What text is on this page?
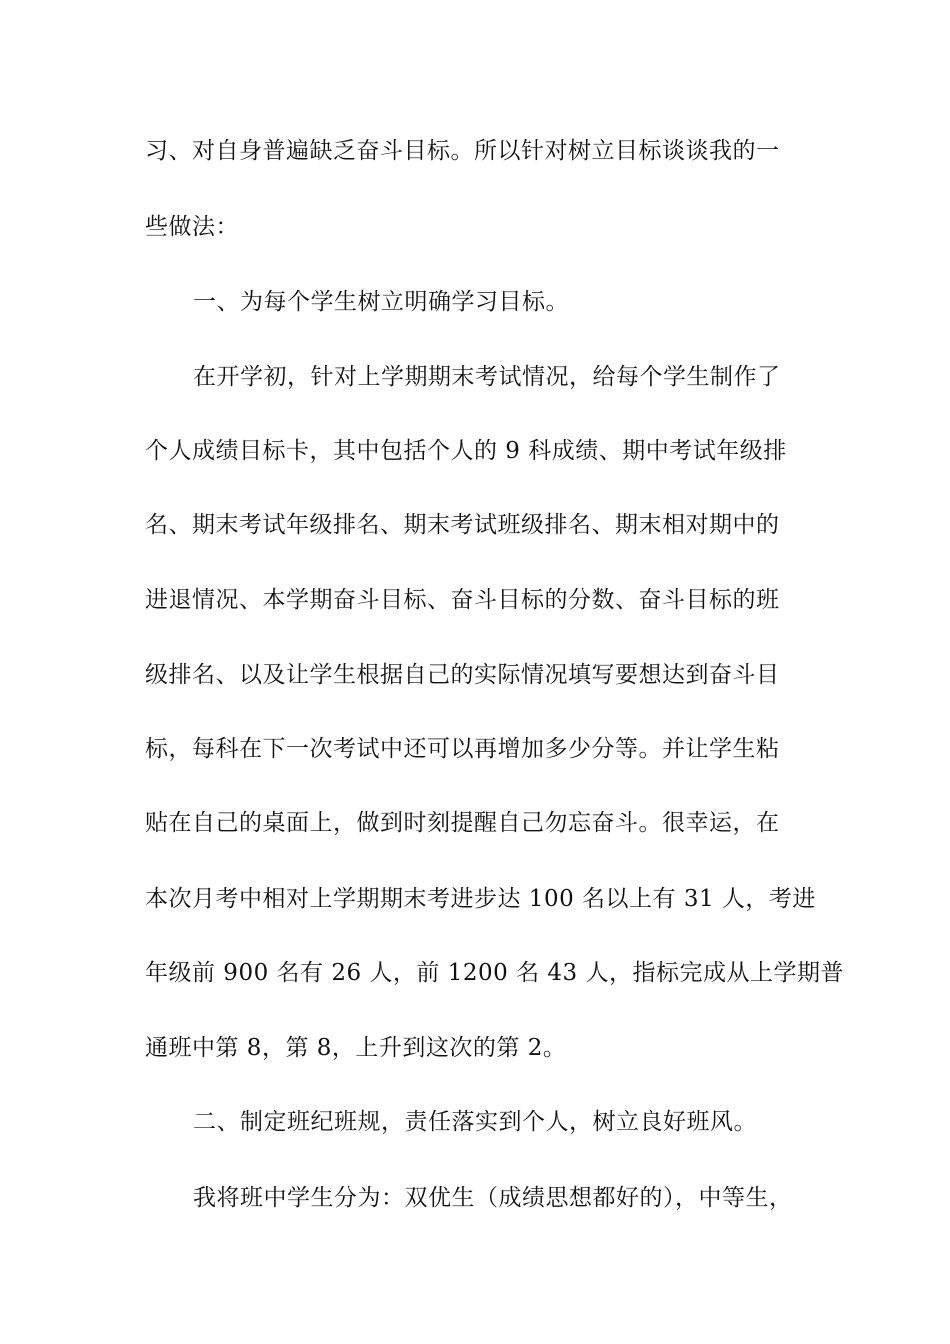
习、对自身普遍缺乏奋斗目标。所以针对树立目标谈谈我的一

些做法：

一、为每个学生树立明确学习目标。

在开学初，针对上学期期末考试情况，给每个学生制作了

个人成绩目标卡，其中包括个人的 9 科成绩、期中考试年级排

名、期末考试年级排名、期末考试班级排名、期末相对期中的

进退情况、本学期奋斗目标、奋斗目标的分数、奋斗目标的班

级排名、以及让学生根据自己的实际情况填写要想达到奋斗目

标，每科在下一次考试中还可以再增加多少分等。并让学生粘

贴在自己的桌面上，做到时刻提醒自己勿忘奋斗。很幸运，在

本次月考中相对上学期期末考进步达 100 名以上有 31 人，考进

年级前 900 名有 26 人，前 1200 名 43 人，指标完成从上学期普

通班中第 8，第 8，上升到这次的第 2。

二、制定班纪班规，责任落实到个人，树立良好班风。

我将班中学生分为：双优生（成绩思想都好的），中等生，
